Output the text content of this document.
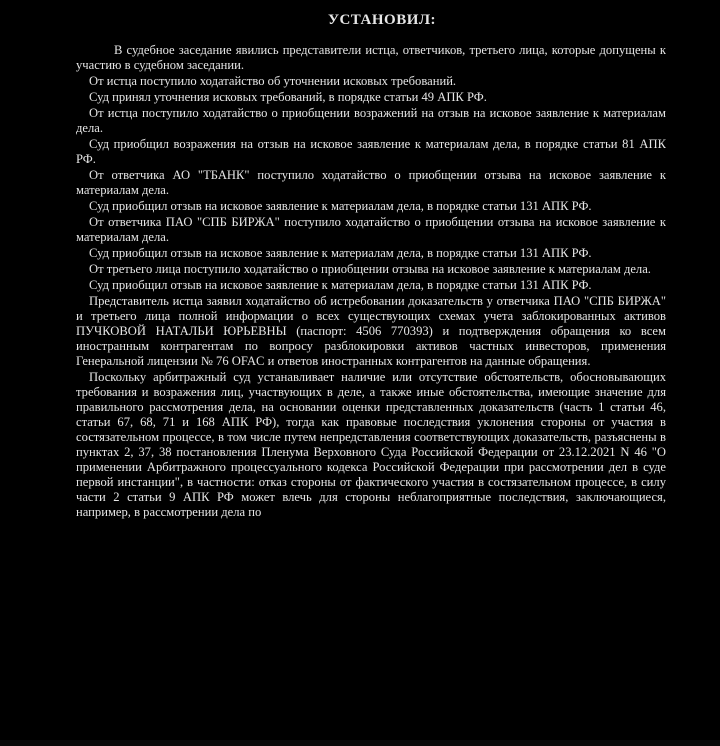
УСТАНОВИЛ:

В судебное заседание явились представители истца, ответчиков, третьего лица, которые допущены к участию в судебном заседании.

От истца поступило ходатайство об уточнении исковых требований.

Суд принял уточнения исковых требований, в порядке статьи 49 АПК РФ.

От истца поступило ходатайство о приобщении возражений на отзыв на исковое заявление к материалам дела.

Суд приобщил возражения на отзыв на исковое заявление к материалам дела, в порядке статьи 81 АПК РФ.

От ответчика АО "ТБАНК" поступило ходатайство о приобщении отзыва на исковое заявление к материалам дела.

Суд приобщил отзыв на исковое заявление к материалам дела, в порядке статьи 131 АПК РФ.

От ответчика ПАО "СПБ БИРЖА" поступило ходатайство о приобщении отзыва на исковое заявление к материалам дела.

Суд приобщил отзыв на исковое заявление к материалам дела, в порядке статьи 131 АПК РФ.

От третьего лица поступило ходатайство о приобщении отзыва на исковое заявление к материалам дела.

Суд приобщил отзыв на исковое заявление к материалам дела, в порядке статьи 131 АПК РФ.

Представитель истца заявил ходатайство об истребовании доказательств у ответчика ПАО "СПБ БИРЖА" и третьего лица полной информации о всех существующих схемах учета заблокированных активов ПУЧКОВОЙ НАТАЛЬИ ЮРЬЕВНЫ (паспорт: 4506 770393) и подтверждения обращения ко всем иностранным контрагентам по вопросу разблокировки активов частных инвесторов, применения Генеральной лицензии № 76 OFAC и ответов иностранных контрагентов на данные обращения.

Поскольку арбитражный суд устанавливает наличие или отсутствие обстоятельств, обосновывающих требования и возражения лиц, участвующих в деле, а также иные обстоятельства, имеющие значение для правильного рассмотрения дела, на основании оценки представленных доказательств (часть 1 статьи 46, статьи 67, 68, 71 и 168 АПК РФ), тогда как правовые последствия уклонения стороны от участия в состязательном процессе, в том числе путем непредставления соответствующих доказательств, разъяснены в пунктах 2, 37, 38 постановления Пленума Верховного Суда Российской Федерации от 23.12.2021 N 46 "О применении Арбитражного процессуального кодекса Российской Федерации при рассмотрении дел в суде первой инстанции", в частности: отказ стороны от фактического участия в состязательном процессе, в силу части 2 статьи 9 АПК РФ может влечь для стороны неблагоприятные последствия, заключающиеся, например, в рассмотрении дела по
